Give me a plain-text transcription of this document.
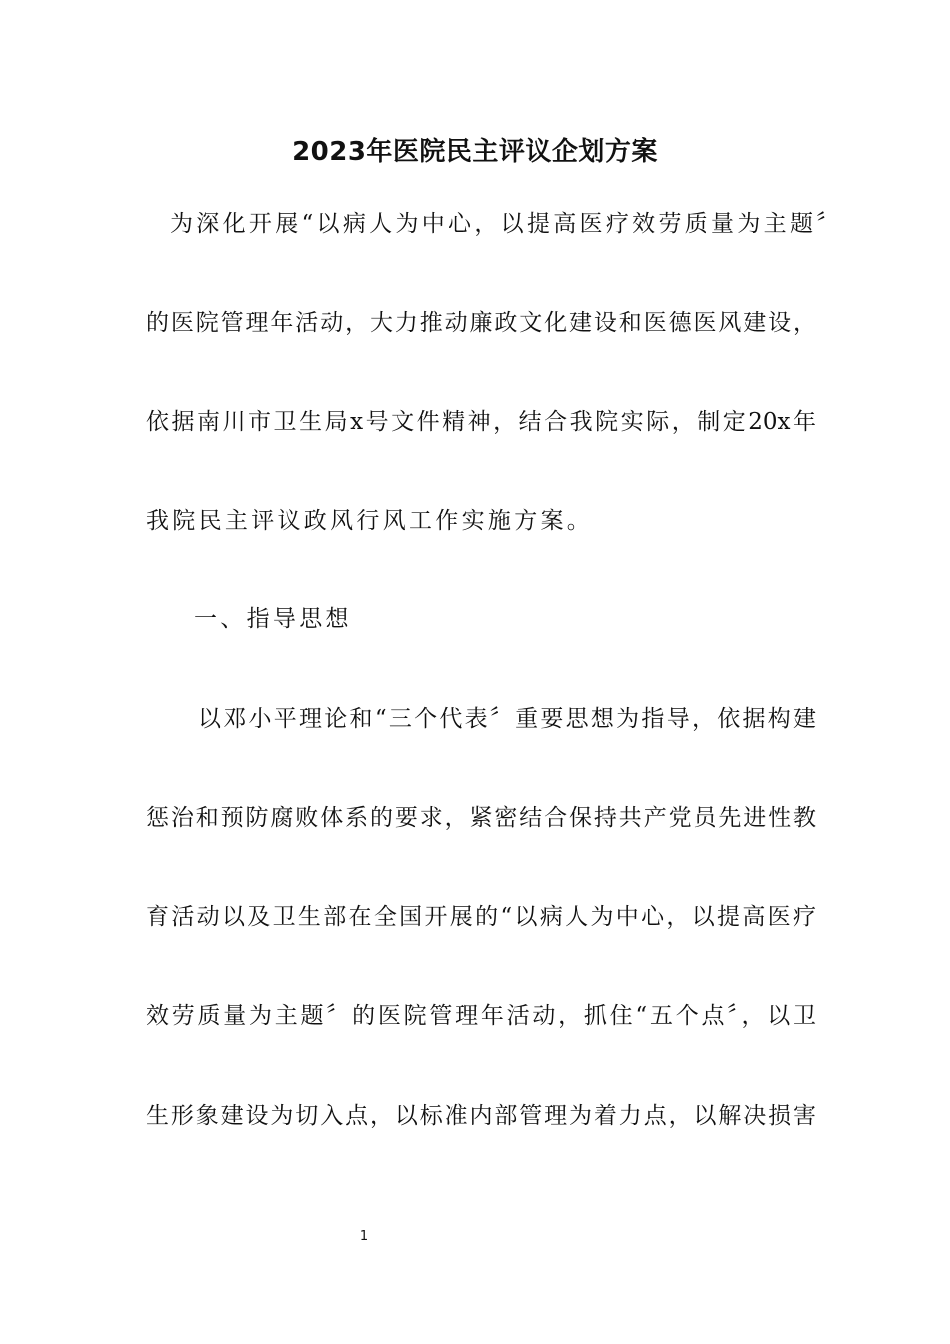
2023年医院民主评议企划方案
为深化开展“以病人为中心，以提高医疗效劳质量为主题〞
的医院管理年活动，大力推动廉政文化建设和医德医风建设，
依据南川市卫生局x号文件精神，结合我院实际，制定20x年
我院民主评议政风行风工作实施方案。
一、指导思想
以邓小平理论和“三个代表〞重要思想为指导，依据构建
惩治和预防腐败体系的要求，紧密结合保持共产党员先进性教
育活动以及卫生部在全国开展的“以病人为中心，以提高医疗
效劳质量为主题〞的医院管理年活动，抓住“五个点〞，以卫
生形象建设为切入点，以标准内部管理为着力点，以解决损害
1
